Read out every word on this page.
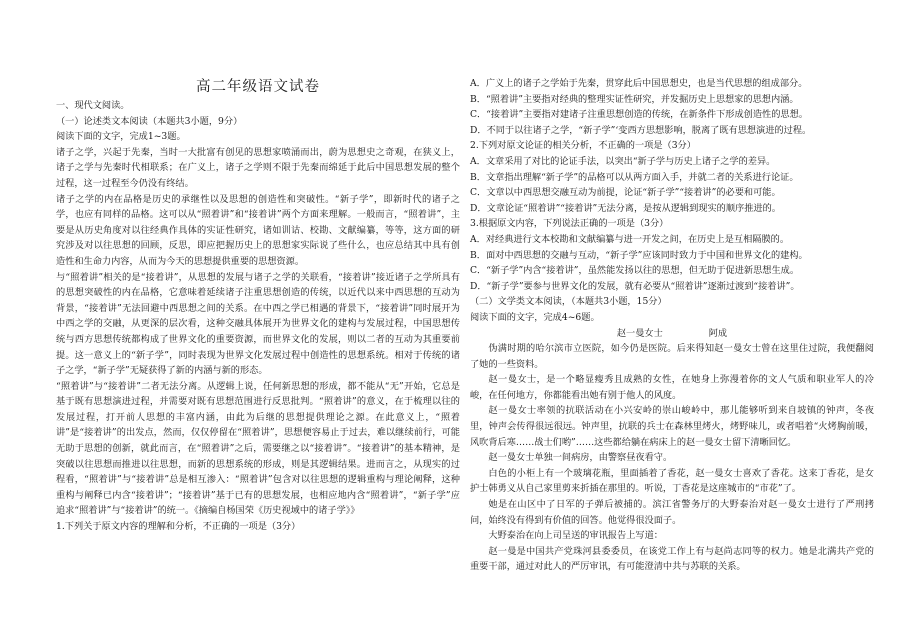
高二年级语文试卷

一、现代文阅读。

（一）论述类文本阅读（本题共3小题，9分）

阅读下面的文字，完成1~3题。

诸子之学，兴起于先秦，当时一大批富有创见的思想家喷涌而出，蔚为思想史之奇观，在狭义上，诸子之学与先秦时代相联系；在广义上，诸子之学则不限于先秦而绵延于此后中国思想发展的整个过程，这一过程至今仍没有终结。

诸子之学的内在品格是历史的承继性以及思想的创造性和突破性。“新子学”，即新时代的诸子之学，也应有同样的品格。这可以从“照着讲”和“接着讲”两个方面来理解。一般而言，“照着讲”，主要是从历史角度对以往经典作具体的实证性研究，诸如训诂、校勘、文献编纂，等等，这方面的研究涉及对以往思想的回顾，反思，即应把握历史上的思想家实际说了些什么，也应总结其中具有创造性和生命力内容，从而为今天的思想提供重要的思想资源。

与“照着讲”相关的是“接着讲”，从思想的发展与诸子之学的关联看，“接着讲”接近诸子之学所具有的思想突破性的内在品格，它意味着延续诸子注重思想创造的传统，以近代以来中西思想的互动为背景，“接着讲”无法回避中西思想之间的关系。在中西之学已相遇的背景下，“接着讲”同时展开为中西之学的交融，从更深的层次看，这种交融具体展开为世界文化的建构与发展过程，中国思想传统与西方思想传统都构成了世界文化的重要资源，而世界文化的发展，则以二者的互动为其重要前提。这一意义上的“新子学”，同时表现为世界文化发展过程中创造性的思想系统。相对于传统的诸子之学，“新子学”无疑获得了新的内涵与新的形态。

“照着讲”与“接着讲”二者无法分离。从逻辑上说，任何新思想的形成，都不能从“无”开始，它总是基于既有思想演进过程，并需要对既有思想范围进行反思批判。“照着讲”的意义，在于梳理以往的发展过程，打开前人思想的丰富内涵，由此为后继的思想提供理论之源。在此意义上，“照着讲”是“接着讲”的出发点，然而，仅仅停留在“照着讲”，思想便容易止于过去，难以继续前行，可能无助于思想的创新，就此而言，在“照着讲”之后，需要继之以“接着讲”。“接着讲”的基本精神，是突破以往思想而推进以往思想，而新的思想系统的形成，则是其逻辑结果。进而言之，从现实的过程看，“照着讲”与“接着讲”总是相互渗入：“照着讲”包含对以往思想的逻辑重构与理论阐释，这种重构与阐释已内含“接着讲”；“接着讲”基于已有的思想发展，也相应地内含“照着讲”，“新子学”应追求“照着讲”与“接着讲”的统一。《摘编自杨国荣《历史视域中的诸子学》》

1.下列关于原文内容的理解和分析，不正确的一项是（3分）

A．广义上的诸子之学始于先秦，贯穿此后中国思想史，也是当代思想的组成部分。

B．“照着讲”主要指对经典的整理实证性研究，并发掘历史上思想家的思想内涵。

C．“接着讲”主要指对建诸子注重思想创造的传统，在新条件下形成创造性的思想。

D．不同于以往诸子之学，“新子学”‘变西方思想影响，脱离了既有思想演进的过程。

2.下列对原文论证的相关分析，不正确的一项是（3分）

A．文章采用了对比的论证手法，以突出“新子学与历史上诸子之学的差异。

B．文章指出理解“新子学”的品格可以从两方面入手，并就二者的关系进行论证。

C．文章以中西思想交融互动为前提，论证“新子学”“接着讲”的必要和可能。

D．文章论证“照着讲”“接着讲”无法分离，是按从逻辑到现实的顺序推进的。

3.根据原文内容，下列说法正确的一项是（3分）

A．对经典进行文本校勘和文献编纂与进一开发之间，在历史上是互相隔膜的。

B．面对中西思想的交融与互动，“新子学”应该同时致力于中国和世界文化的建构。

C．“新子学”内含“接着讲”，虽然能发扬以往的思想，但无助于促进新思想生成。

D．“新子学”要参与世界文化的发展，就有必要从“照着讲”逐渐过渡到“接着讲”。

（二）文学类文本阅读，（本题共3小题，15分）

阅读下面的文字，完成4~6题。

赵一曼女士　　　　　阿成

伪满时期的哈尔滨市立医院，如今仍是医院。后来得知赵一曼女士曾在这里住过院，我便翻阅了她的一些资料。

赵一曼女士，是一个略显瘦秀且成熟的女性，在她身上弥漫着你的文人气质和职业军人的冷峻，在任何地方，你都能看出她有别于他人的风度。

赵一曼女士率领的抗联活动在小兴安岭的崇山峻岭中，那儿能够听到来自坡镇的钟声，冬夜里，钟声会传得很远很远。钟声里，抗联的兵士在森林里烤火，烤野味儿，或者唱着“火烤胸前暖，风吹背后寒……战士们哟”……这些都给躺在病床上的赵一曼女士留下清晰回忆。

赵一曼女士单独一间病房，由警察昼夜看守。

白色的小柜上有一个玻璃花瓶，里面插着了香花，赵一曼女士喜欢了香花。这来丁香花，是女护士韩勇义从自己家里剪来折插在那里的。听说，丁香花是这座城市的“市花”了。

她是在山区中了日军的子弹后被捕的。滨江省警务厅的大野泰治对赵一曼女士进行了严刑拷问，始终没有得到有价值的回答。他觉得很没面子。

大野泰治在向上司呈送的审讯报告上写道：

赵一曼是中国共产党珠河县委委员，在该党工作上有与赵尚志同等的权力。她是北满共产党的重要干部，通过对此人的严厉审讯，有可能澄清中共与苏联的关系。
